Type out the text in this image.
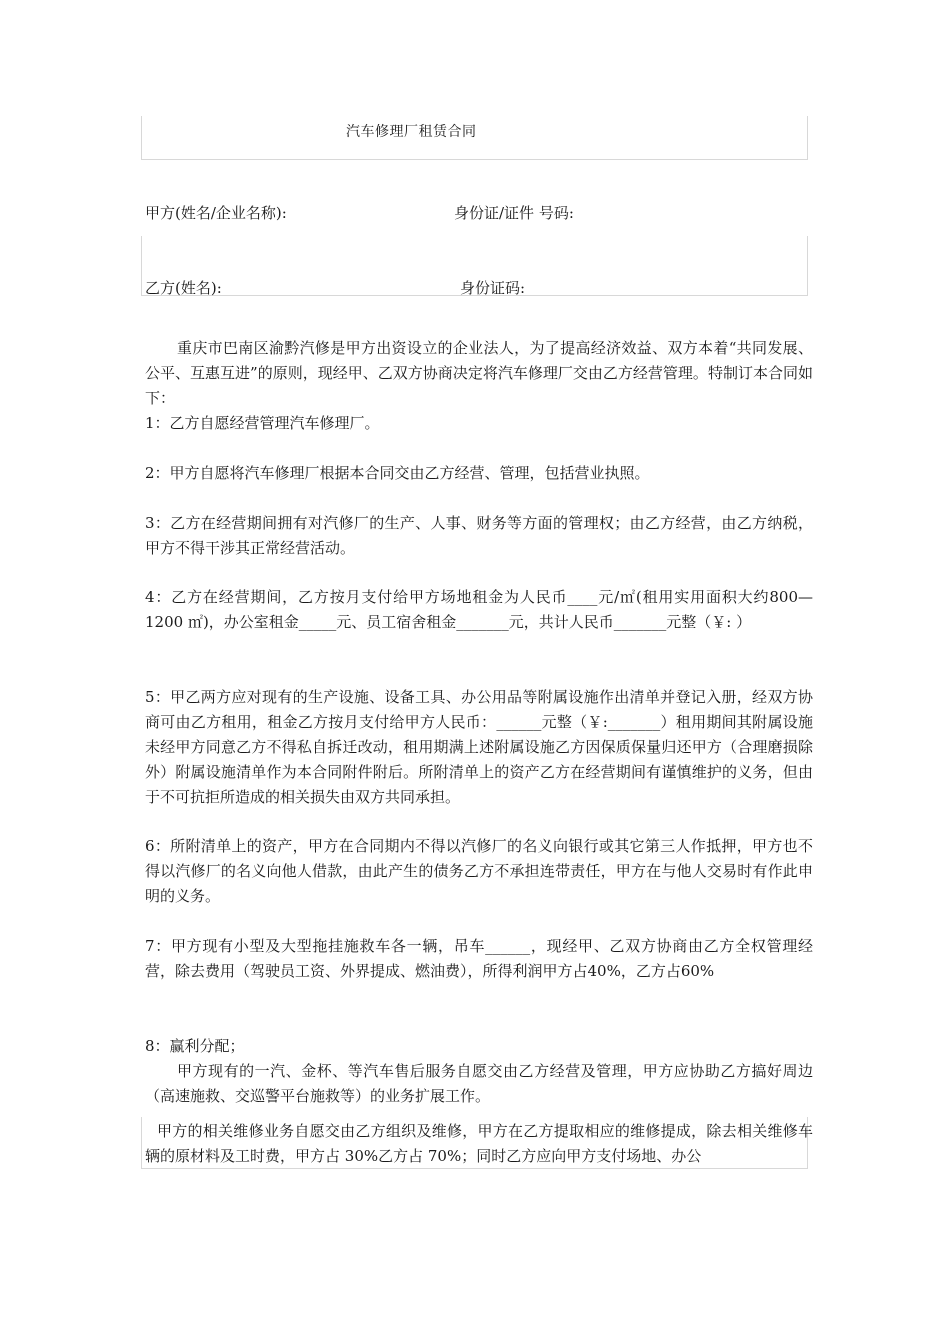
汽车修理厂租赁合同
甲方(姓名/企业名称):	身份证/证件 号码:
乙方(姓名):	身份证码:
重庆市巴南区渝黔汽修是甲方出资设立的企业法人，为了提高经济效益、双方本着“共同发展、公平、互惠互进”的原则，现经甲、乙双方协商决定将汽车修理厂交由乙方经营管理。特制订本合同如下：
1：乙方自愿经营管理汽车修理厂。
2：甲方自愿将汽车修理厂根据本合同交由乙方经营、管理，包括营业执照。
3：乙方在经营期间拥有对汽修厂的生产、人事、财务等方面的管理权；由乙方经营，由乙方纳税，甲方不得干涉其正常经营活动。
4：乙方在经营期间，乙方按月支付给甲方场地租金为人民币____元/㎡(租用实用面积大约800—1200 ㎡)，办公室租金_____元、员工宿舍租金_______元，共计人民币_______元整（￥: ）
5：甲乙两方应对现有的生产设施、设备工具、办公用品等附属设施作出清单并登记入册，经双方协商可由乙方租用，租金乙方按月支付给甲方人民币：______元整（￥:_______）租用期间其附属设施未经甲方同意乙方不得私自拆迁改动，租用期满上述附属设施乙方因保质保量归还甲方（合理磨损除外）附属设施清单作为本合同附件附后。所附清单上的资产乙方在经营期间有谨慎维护的义务，但由于不可抗拒所造成的相关损失由双方共同承担。
6：所附清单上的资产，甲方在合同期内不得以汽修厂的名义向银行或其它第三人作抵押，甲方也不得以汽修厂的名义向他人借款，由此产生的债务乙方不承担连带责任，甲方在与他人交易时有作此申明的义务。
7：甲方现有小型及大型拖挂施救车各一辆，吊车______，现经甲、乙双方协商由乙方全权管理经营，除去费用（驾驶员工资、外界提成、燃油费），所得利润甲方占40%，乙方占60%
8：赢利分配；
甲方现有的一汽、金杯、等汽车售后服务自愿交由乙方经营及管理，甲方应协助乙方搞好周边（高速施救、交巡警平台施救等）的业务扩展工作。
甲方的相关维修业务自愿交由乙方组织及维修，甲方在乙方提取相应的维修提成，除去相关维修车辆的原材料及工时费，甲方占 30%乙方占 70%；同时乙方应向甲方支付场地、办公
